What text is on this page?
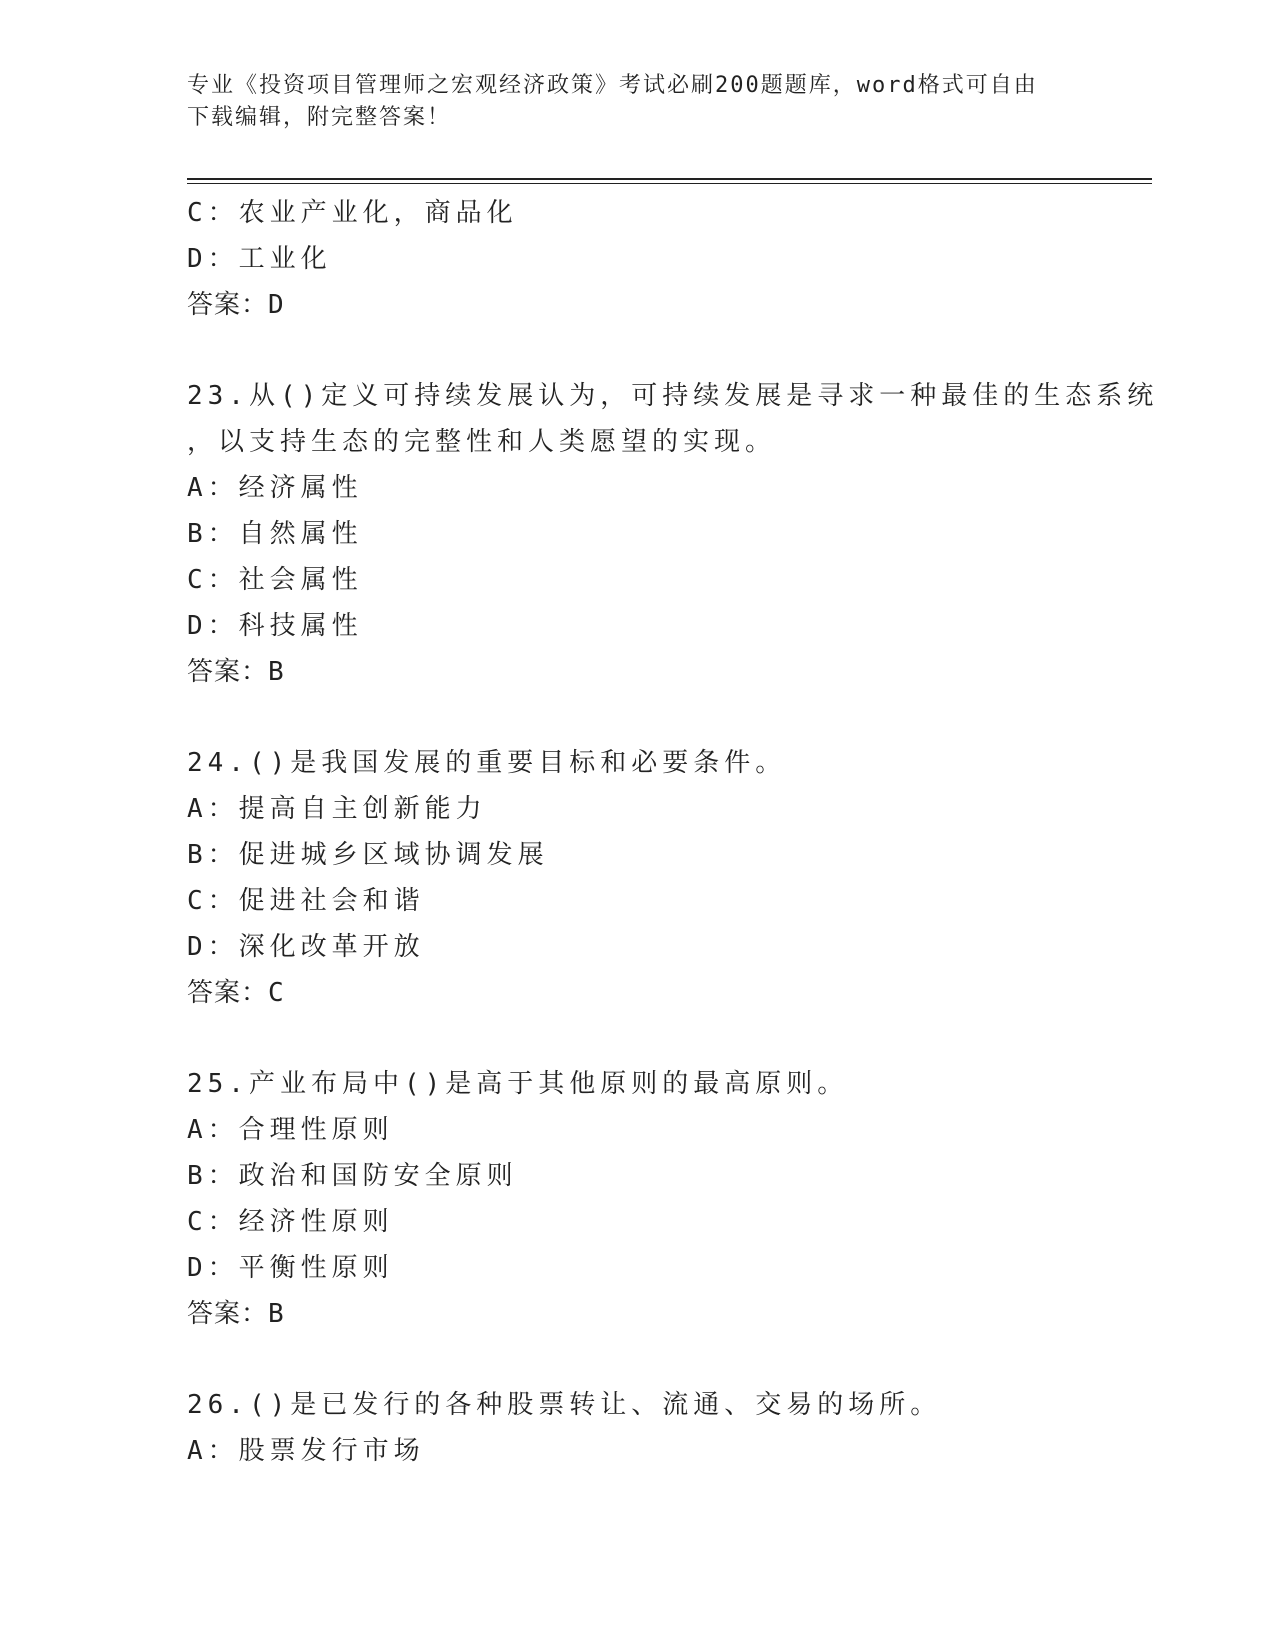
专业《投资项目管理师之宏观经济政策》考试必刷200题题库，word格式可自由
下载编辑，附完整答案！
C：农业产业化，商品化
D：工业化
答案：D
23.从()定义可持续发展认为，可持续发展是寻求一种最佳的生态系统
，以支持生态的完整性和人类愿望的实现。
A：经济属性
B：自然属性
C：社会属性
D：科技属性
答案：B
24.()是我国发展的重要目标和必要条件。
A：提高自主创新能力
B：促进城乡区域协调发展
C：促进社会和谐
D：深化改革开放
答案：C
25.产业布局中()是高于其他原则的最高原则。
A：合理性原则
B：政治和国防安全原则
C：经济性原则
D：平衡性原则
答案：B
26.()是已发行的各种股票转让、流通、交易的场所。
A：股票发行市场
